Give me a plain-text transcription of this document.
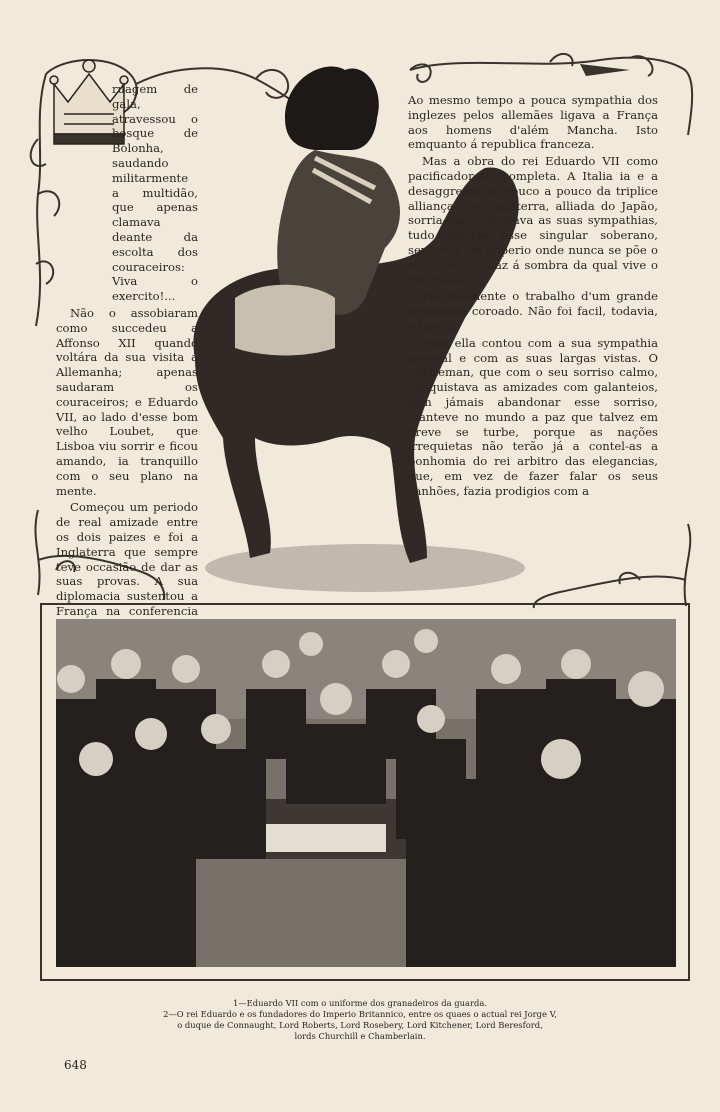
ruagem de gala, atravessou o bosque de Bolonha, saudando militarmente a multidão, que apenas clamava deante da escolta dos couraceiros: Viva o exercito!...

Não o assobiaram como succedeu a Affonso XII quando voltára da sua visita á Allemanha; apenas saudaram os couraceiros; e Eduardo VII, ao lado d'esse bom velho Loubet, que Lisboa viu sorrir e ficou amando, ia tranquillo com o seu plano na mente.

Começou um periodo de real amizade entre os dois paizes e foi a Inglaterra que sempre teve occasião de dar as suas provas. A sua diplomacia sustentou a França na conferencia

Ao mesmo tempo a pouca sympathia dos inglezes pelos allemães ligava a França aos homens d'além Mancha. Isto emquanto á republica franceza.

Mas a obra do rei Eduardo VII como pacificador foi completa. A Italia ia e a desaggregar-se pouco a pouco da triplice alliança e a Inglaterra, alliada do Japão, sorria-lhe, procurava as suas sympathias, tudo porque esse singular soberano, senhor d'um imperio onde nunca se põe o sol, queria a paz á sombra da qual vive o progresso.

Foi realmente o trabalho d'um grande diplomata coroado. Não foi facil, todavia, a tarefa.

Para ella contou com a sua sympathia pessoal e com as suas largas vistas. O gentleman, que com o seu sorriso calmo, conquistava as amizades com galanteios, sem jámais abandonar esse sorriso, manteve no mundo a paz que talvez em breve se turbe, porque as nações irrequietas não terão já a contel-as a bonhomia do rei arbitro das elegancias, que, em vez de fazer falar os seus canhões, fazia prodigios com a

1—Eduardo VII com o uniforme dos granadeiros da guarda.
2—O rei Eduardo e os fundadores do Imperio Britannico, entre os quaes o actual rei Jorge V,
o duque de Connaught, Lord Roberts, Lord Rosebery, Lord Kitchener, Lord Beresford,
lords Churchill e Chamberlain.
648
